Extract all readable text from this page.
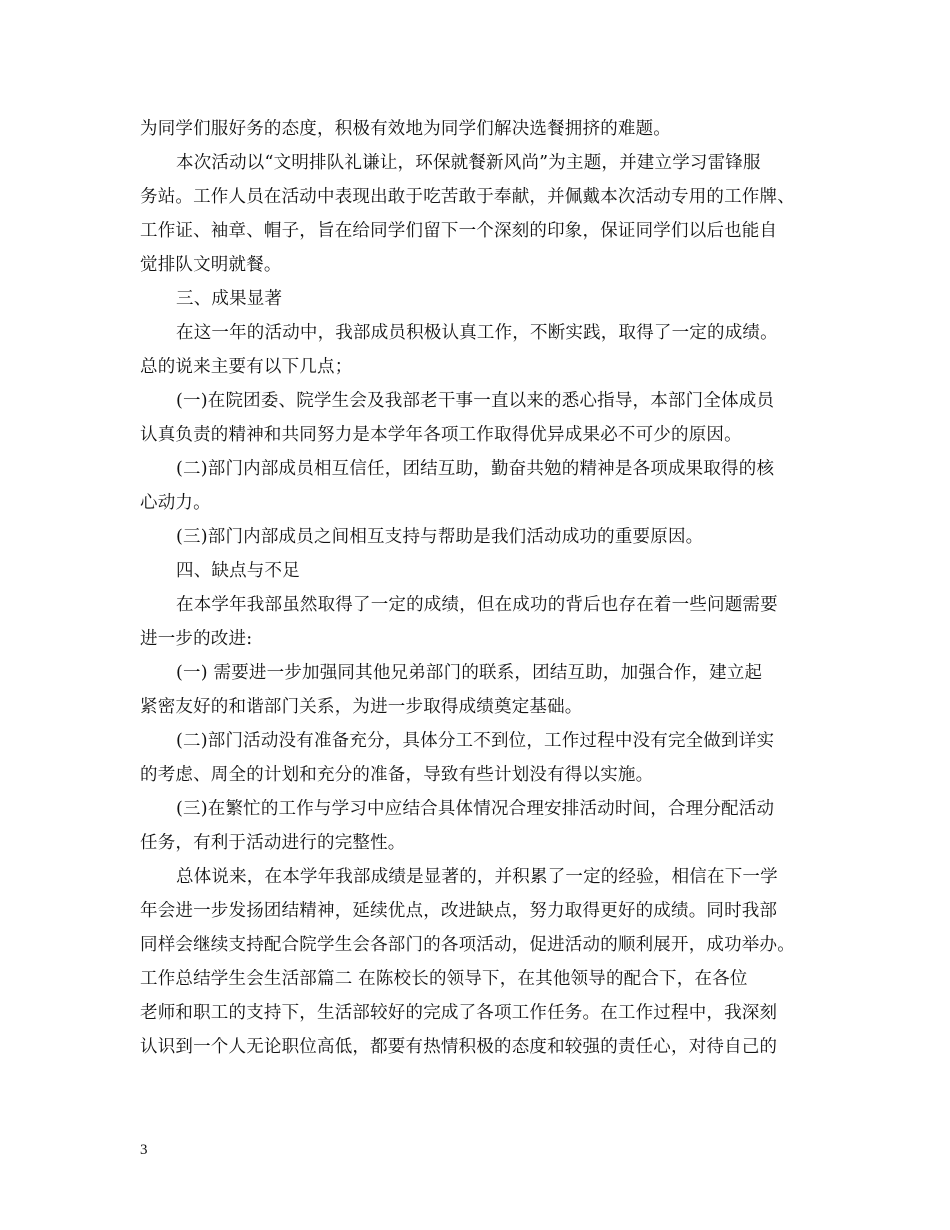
为同学们服好务的态度，积极有效地为同学们解决选餐拥挤的难题。
本次活动以“文明排队礼谦让，环保就餐新风尚”为主题，并建立学习雷锋服
务站。工作人员在活动中表现出敢于吃苦敢于奉献，并佩戴本次活动专用的工作牌、
工作证、袖章、帽子，旨在给同学们留下一个深刻的印象，保证同学们以后也能自
觉排队文明就餐。
三、成果显著
在这一年的活动中，我部成员积极认真工作，不断实践，取得了一定的成绩。
总的说来主要有以下几点；
(一)在院团委、院学生会及我部老干事一直以来的悉心指导，本部门全体成员
认真负责的精神和共同努力是本学年各项工作取得优异成果必不可少的原因。
(二)部门内部成员相互信任，团结互助，勤奋共勉的精神是各项成果取得的核
心动力。
(三)部门内部成员之间相互支持与帮助是我们活动成功的重要原因。
四、缺点与不足
在本学年我部虽然取得了一定的成绩，但在成功的背后也存在着一些问题需要
进一步的改进:
(一) 需要进一步加强同其他兄弟部门的联系，团结互助，加强合作，建立起
紧密友好的和谐部门关系，为进一步取得成绩奠定基础。
(二)部门活动没有准备充分，具体分工不到位，工作过程中没有完全做到详实
的考虑、周全的计划和充分的准备，导致有些计划没有得以实施。
(三)在繁忙的工作与学习中应结合具体情况合理安排活动时间，合理分配活动
任务，有利于活动进行的完整性。
总体说来，在本学年我部成绩是显著的，并积累了一定的经验，相信在下一学
年会进一步发扬团结精神，延续优点，改进缺点，努力取得更好的成绩。同时我部
同样会继续支持配合院学生会各部门的各项活动，促进活动的顺利展开，成功举办。
工作总结学生会生活部篇二 在陈校长的领导下，在其他领导的配合下，在各位
老师和职工的支持下，生活部较好的完成了各项工作任务。在工作过程中，我深刻
认识到一个人无论职位高低，都要有热情积极的态度和较强的责任心，对待自己的
3
